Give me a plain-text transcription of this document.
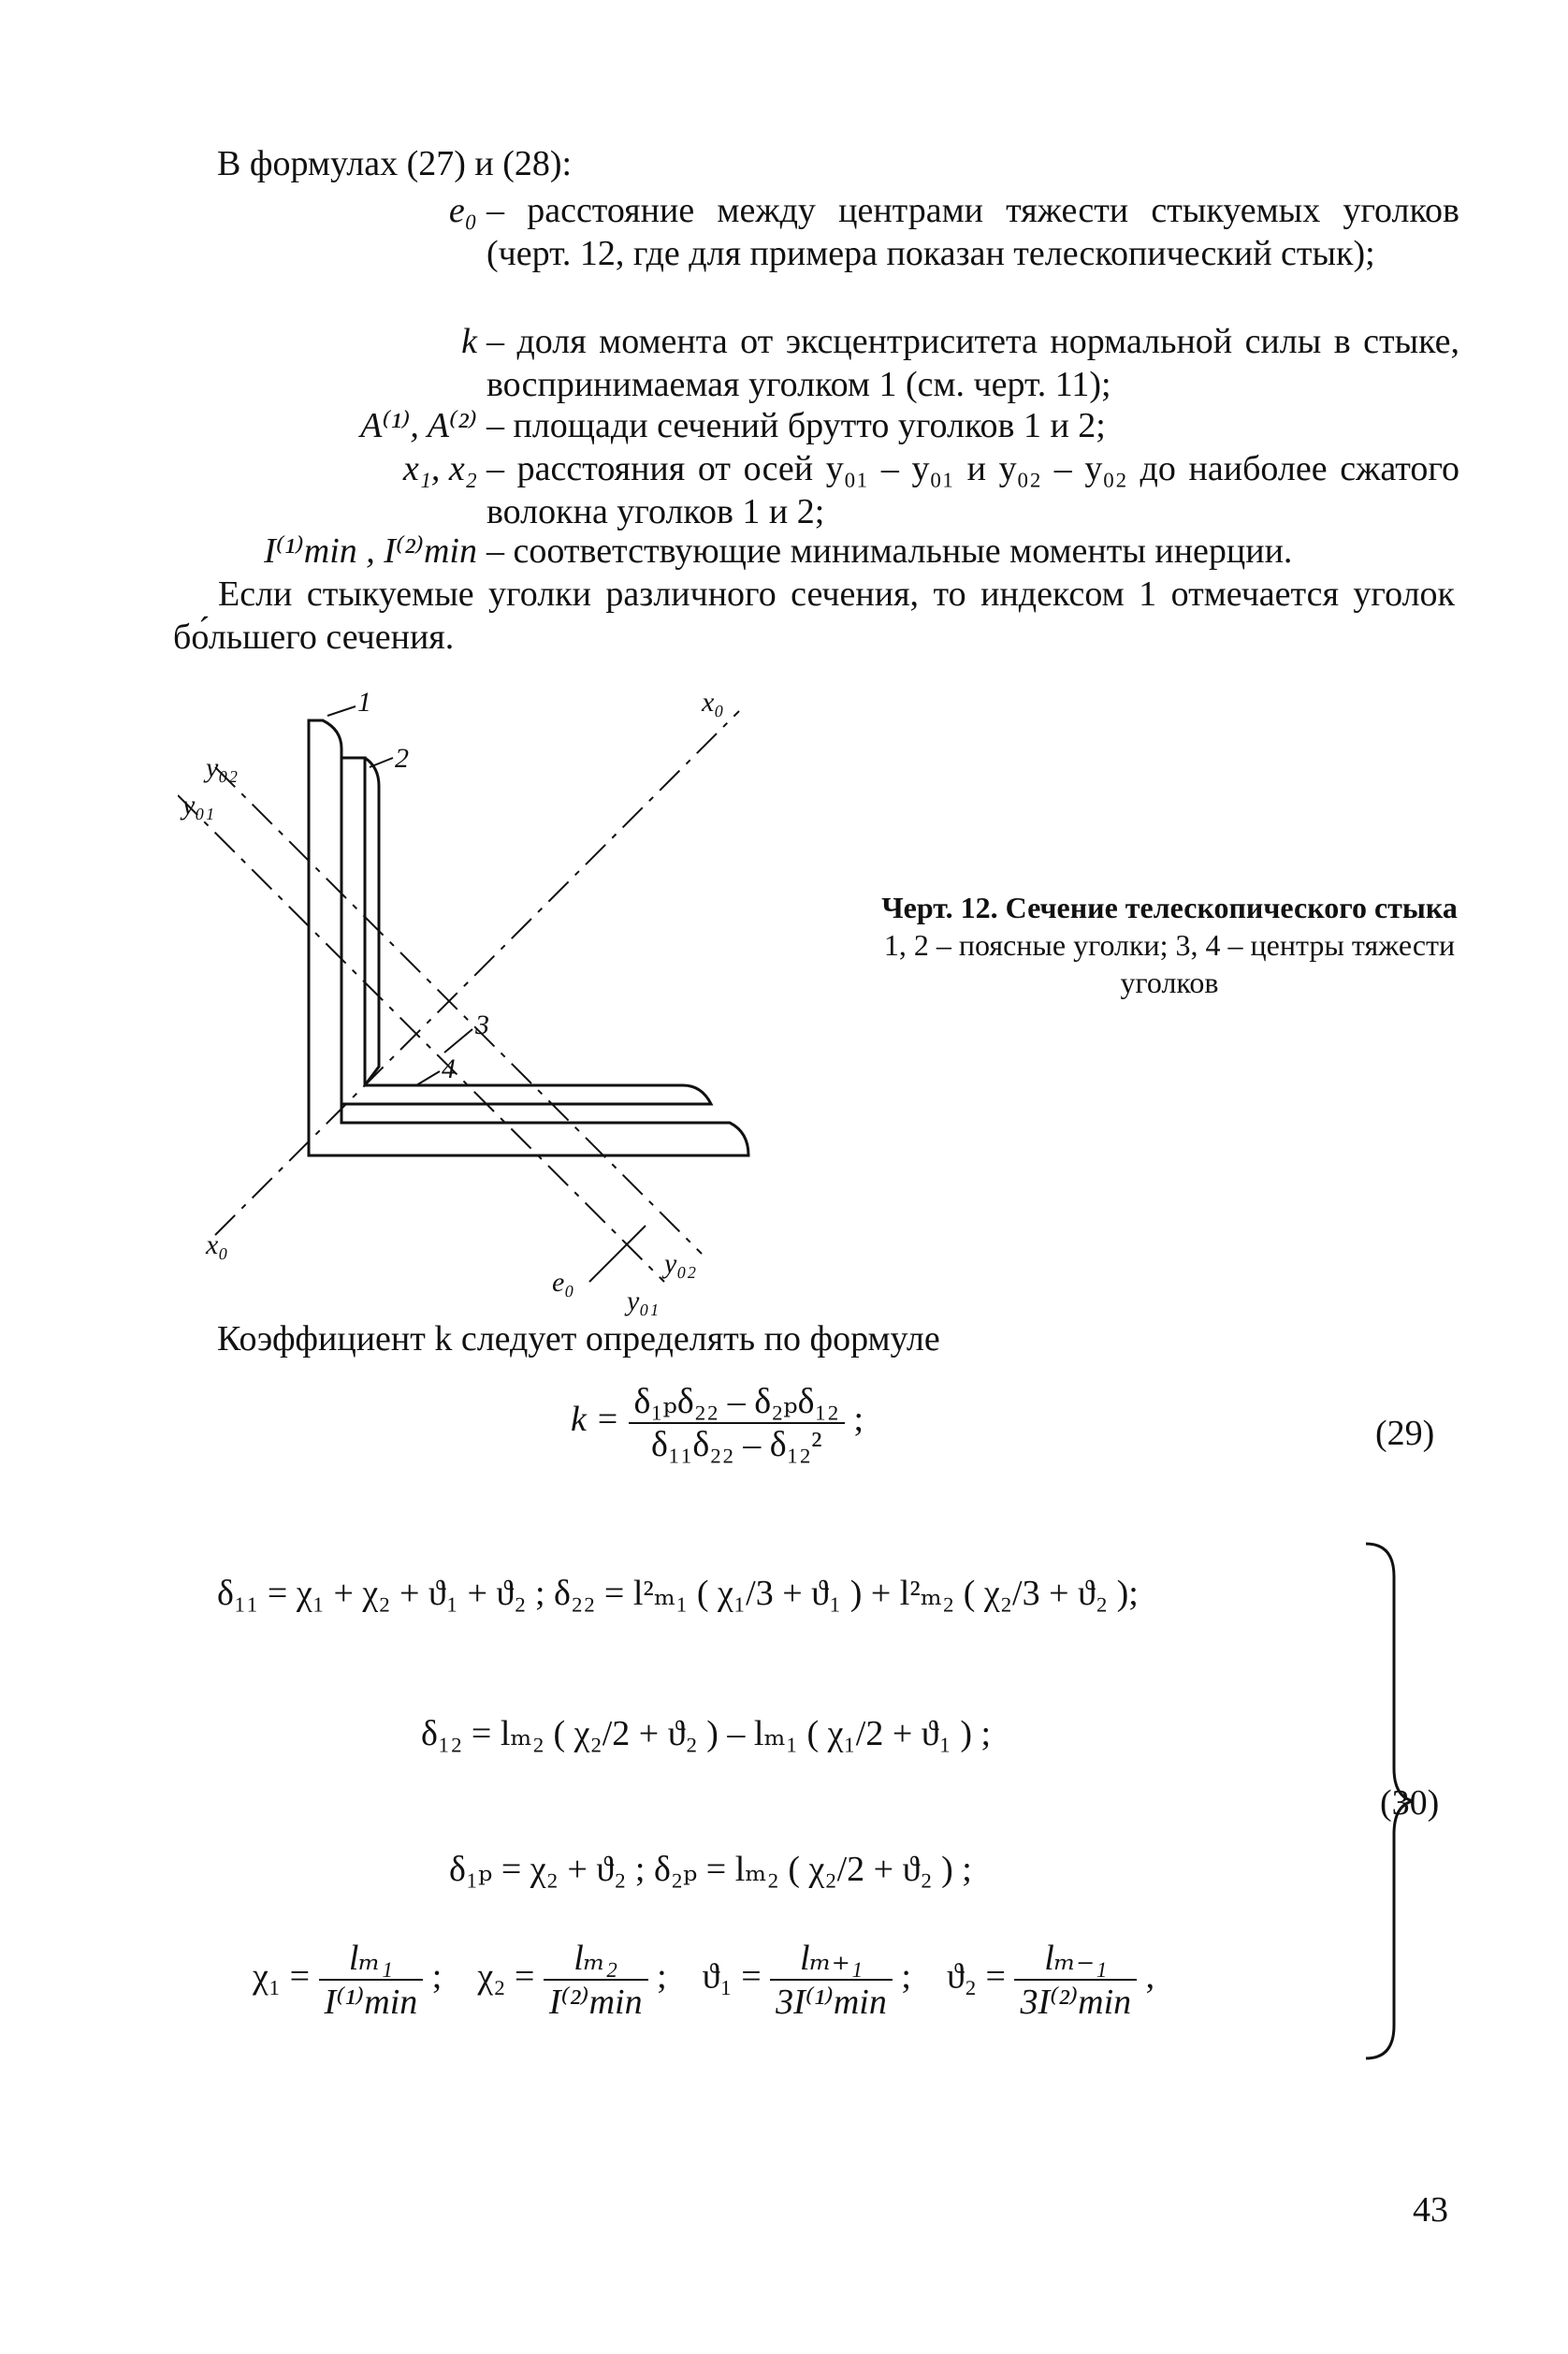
В формулах (27) и (28):
e₀ – расстояние между центрами тяжести стыкуемых уголков (черт. 12, где для примера показан телескопический стык);
k – доля момента от эксцентриситета нормальной силы в стыке, воспринимаемая уголком 1 (см. черт. 11);
A⁽¹⁾, A⁽²⁾ – площади сечений брутто уголков 1 и 2;
x₁, x₂ – расстояния от осей y₀₁ – y₀₁ и y₀₂ – y₀₂ до наиболее сжатого волокна уголков 1 и 2;
I⁽¹⁾min , I⁽²⁾min – соответствующие минимальные моменты инерции.
Если стыкуемые уголки различного сечения, то индексом 1 отмечается уголок бо́льшего сечения.
1
2
3
4
x₀
x₀
y₀₂
y₀₁
y₀₂
y₀₁
e₀
Черт. 12. Сечение телескопического стыка
1, 2 – поясные уголки; 3, 4 – центры тяжести уголков
Коэффициент k следует определять по формуле
$k = \frac{\text{δ₁ₚδ₂₂ – δ₂ₚδ₁₂}}{\text{δ₁₁δ₂₂ – δ₁₂²}}$ ;	(29)
δ₁₁ = χ₁ + χ₂ + ϑ₁ + ϑ₂ ; δ₂₂ = l²ₘ₁ ( χ₁/3 + ϑ₁ ) + l²ₘ₂ ( χ₂/3 + ϑ₂ );
δ₁₂ = lₘ₂ ( χ₂/2 + ϑ₂ ) – lₘ₁ ( χ₁/2 + ϑ₁ ) ;
δ₁ₚ = χ₂ + ϑ₂ ; δ₂ₚ = lₘ₂ ( χ₂/2 + ϑ₂ ) ;
$\chi_1 = \frac{\text{lₘ₁}}{\text{I⁽¹⁾min}}$ ; $\chi_2 = \frac{\text{lₘ₂}}{\text{I⁽²⁾min}}$ ; $ϑ_1 = \frac{\text{lₘ₊₁}}{\text{3I⁽¹⁾min}}$ ; $ϑ_2 = \frac{\text{lₘ₋₁}}{\text{3I⁽²⁾min}}$ ,
(30)
43
